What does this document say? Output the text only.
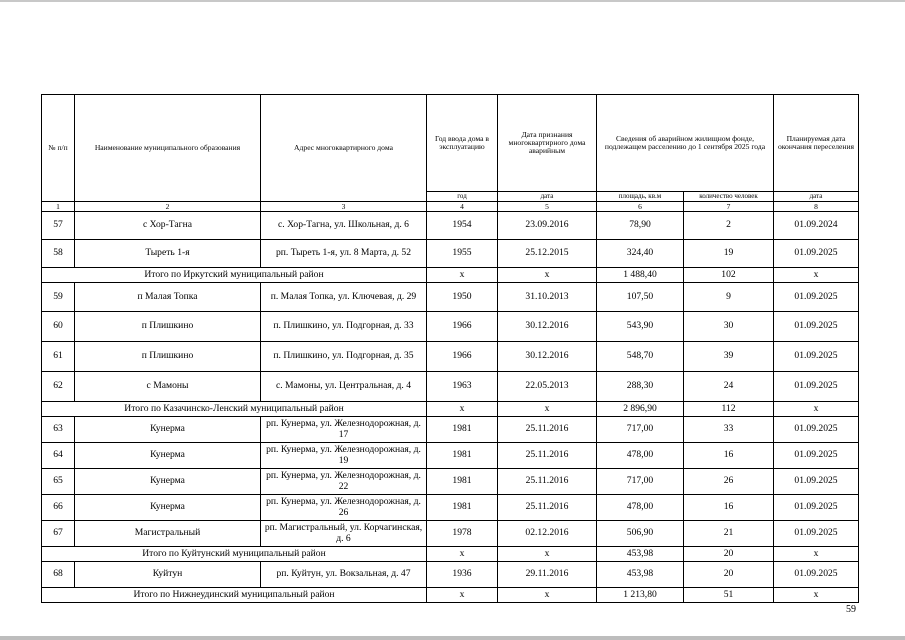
№ п/п	Наименование муниципального образования	Адрес многоквартирного дома	Год ввода дома в эксплуатацию	Дата признания многоквартирного дома аварийным	Сведения об аварийном жилищном фонде, подлежащем расселению до 1 сентября 2025 года		Планируемая дата окончания переселения
			год	дата	площадь, кв.м	количество человек	дата
1	2	3	4	5	6	7	8
57	с Хор-Тагна	с. Хор-Тагна, ул. Школьная, д. 6	1954	23.09.2016	78,90	2	01.09.2024
58	Тыреть 1-я	рп. Тыреть 1-я, ул. 8 Марта, д. 52	1955	25.12.2015	324,40	19	01.09.2025
Итого по Иркутский муниципальный район			x	x	1 488,40	102	x
59	п Малая Топка	п. Малая Топка, ул. Ключевая, д. 29	1950	31.10.2013	107,50	9	01.09.2025
60	п Плишкино	п. Плишкино, ул. Подгорная, д. 33	1966	30.12.2016	543,90	30	01.09.2025
61	п Плишкино	п. Плишкино, ул. Подгорная, д. 35	1966	30.12.2016	548,70	39	01.09.2025
62	с Мамоны	с. Мамоны, ул. Центральная, д. 4	1963	22.05.2013	288,30	24	01.09.2025
Итого по Казачинско-Ленский муниципальный район			x	x	2 896,90	112	x
63	Кунерма	рп. Кунерма, ул. Железнодорожная, д. 17	1981	25.11.2016	717,00	33	01.09.2025
64	Кунерма	рп. Кунерма, ул. Железнодорожная, д. 19	1981	25.11.2016	478,00	16	01.09.2025
65	Кунерма	рп. Кунерма, ул. Железнодорожная, д. 22	1981	25.11.2016	717,00	26	01.09.2025
66	Кунерма	рп. Кунерма, ул. Железнодорожная, д. 26	1981	25.11.2016	478,00	16	01.09.2025
67	Магистральный	рп. Магистральный, ул. Корчагинская, д. 6	1978	02.12.2016	506,90	21	01.09.2025
Итого по Куйтунский муниципальный район			x	x	453,98	20	x
68	Куйтун	рп. Куйтун, ул. Вокзальная, д. 47	1936	29.11.2016	453,98	20	01.09.2025
Итого по Нижнеудинский муниципальный район			x	x	1 213,80	51	x
59
